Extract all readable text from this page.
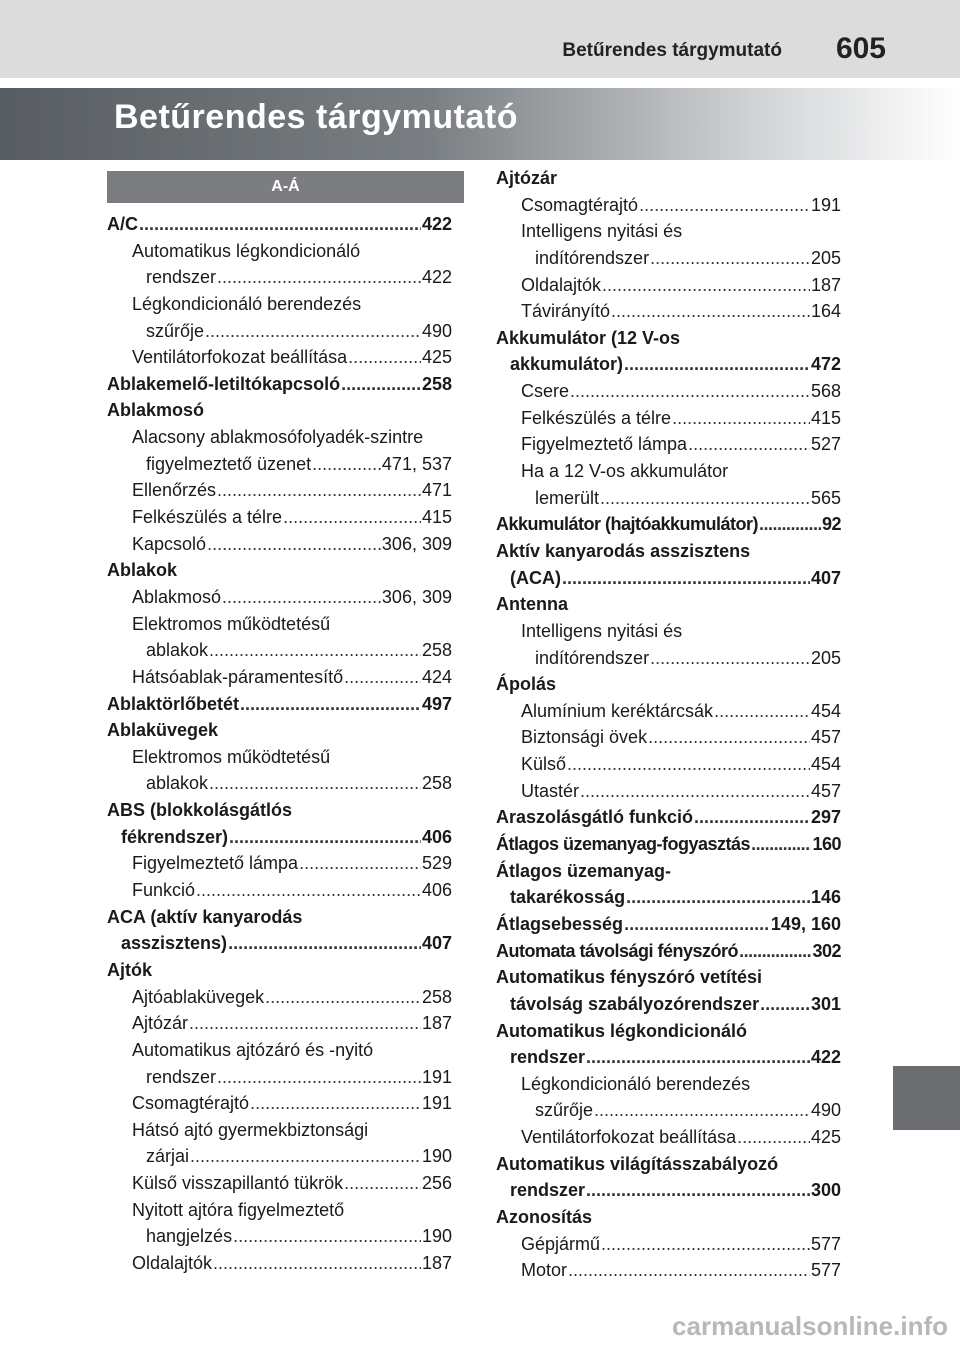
Betűrendes tárgymutató 605
Betűrendes tárgymutató
A-Á
A/C .....	422
Automatikus légkondicionáló
rendszer .....	422
Légkondicionáló berendezés
szűrője .....	490
Ventilátorfokozat beállítása .....	425
Ablakemelő-letiltókapcsoló .....	258
Ablakmosó
Alacsony ablakmosófolyadék-szintre
figyelmeztető üzenet .....	471, 537
Ellenőrzés .....	471
Felkészülés a télre .....	415
Kapcsoló .....	306, 309
Ablakok
Ablakmosó .....	306, 309
Elektromos működtetésű
ablakok .....	258
Hátsóablak-páramentesítő .....	424
Ablaktörlőbetét .....	497
Ablaküvegek
Elektromos működtetésű
ablakok .....	258
ABS (blokkolásgátlós
fékrendszer) .....	406
Figyelmeztető lámpa .....	529
Funkció .....	406
ACA (aktív kanyarodás
asszisztens) .....	407
Ajtók
Ajtóablaküvegek .....	258
Ajtózár .....	187
Automatikus ajtózáró és -nyitó
rendszer .....	191
Csomagtérajtó .....	191
Hátsó ajtó gyermekbiztonsági
zárjai .....	190
Külső visszapillantó tükrök .....	256
Nyitott ajtóra figyelmeztető
hangjelzés .....	190
Oldalajtók .....	187
Ajtózár
Csomagtérajtó .....	191
Intelligens nyitási és
indítórendszer .....	205
Oldalajtók .....	187
Távirányító .....	164
Akkumulátor (12 V-os
akkumulátor) .....	472
Csere .....	568
Felkészülés a télre .....	415
Figyelmeztető lámpa .....	527
Ha a 12 V-os akkumulátor
lemerült .....	565
Akkumulátor (hajtóakkumulátor) .....	92
Aktív kanyarodás asszisztens
(ACA) .....	407
Antenna
Intelligens nyitási és
indítórendszer .....	205
Ápolás
Alumínium keréktárcsák .....	454
Biztonsági övek .....	457
Külső .....	454
Utastér .....	457
Araszolásgátló funkció .....	297
Átlagos üzemanyag-fogyasztás .....	160
Átlagos üzemanyag-
takarékosság .....	146
Átlagsebesség .....	149, 160
Automata távolsági fényszóró .....	302
Automatikus fényszóró vetítési
távolság szabályozórendszer .....	301
Automatikus légkondicionáló
rendszer .....	422
Légkondicionáló berendezés
szűrője .....	490
Ventilátorfokozat beállítása .....	425
Automatikus világításszabályozó
rendszer .....	300
Azonosítás
Gépjármű .....	577
Motor .....	577
carmanualsonline.info
